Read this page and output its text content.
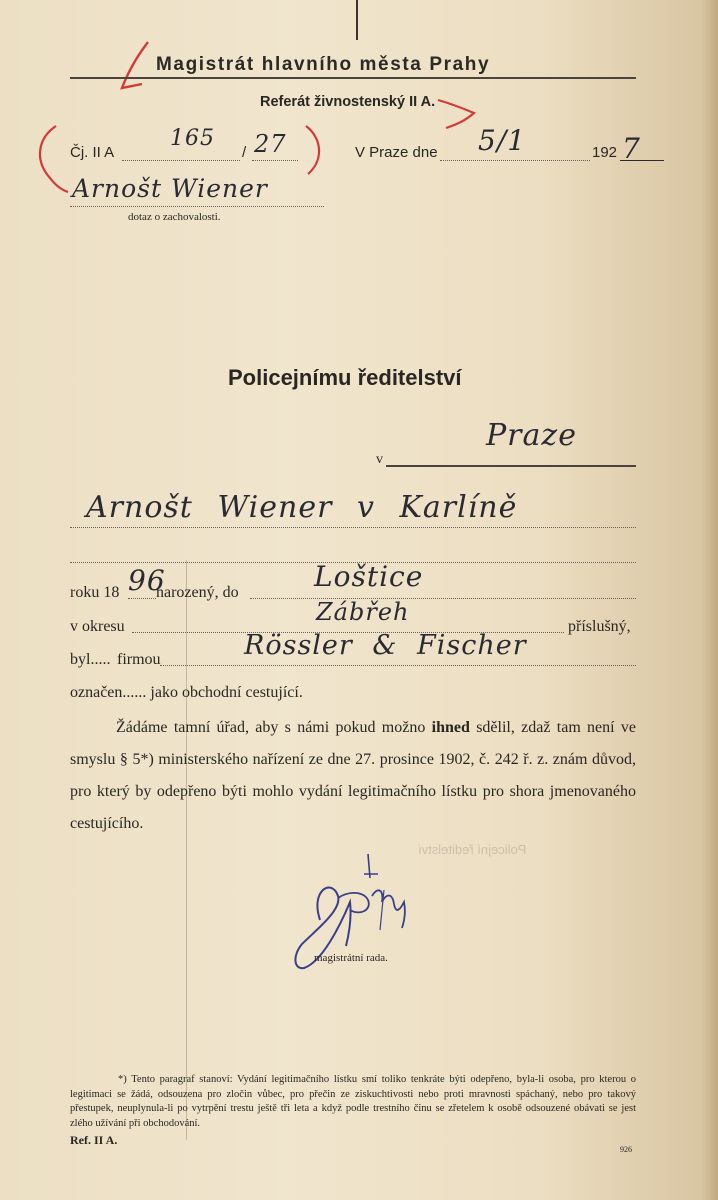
Magistrát hlavního města Prahy
Referát živnostenský II A.
Čj. II A
165
/ 27	V Praze dne 5/1	192 7
Arnošt Wiener
dotaz o zachovalosti.
Policejnímu ředitelství
Praze
v
Arnošt Wiener v Karlíně
roku 18 96
narozený, do	Loštice
v okresu
Zábřeh
příslušný,
byl..... firmou	Rössler & Fischer
označen...... jako obchodní cestující.
Žádáme tamní úřad, aby s námi pokud možno ihned sdělil, zdaž tam není ve smyslu § 5*) ministerského nařízení ze dne 27. prosince 1902, č. 242 ř. z. znám důvod, pro který by odepřeno býti mohlo vydání legitimačního lístku pro shora jmenovaného cestujícího.
Policejní ředitelství
magistrátní rada.
*) Tento paragraf stanoví: Vydání legitimačního lístku smí toliko tenkráte býti odepřeno, byla-li osoba, pro kterou o legitimaci se žádá, odsouzena pro zločin vůbec, pro přečin ze ziskuchtivosti nebo proti mravnosti spáchaný, nebo pro takový přestupek, neuplynula-li po vytrpění trestu ještě tři leta a když podle trestního činu se zřetelem k osobě odsouzené obávati se jest zlého užívání při obchodování.
Ref. II A.
926
